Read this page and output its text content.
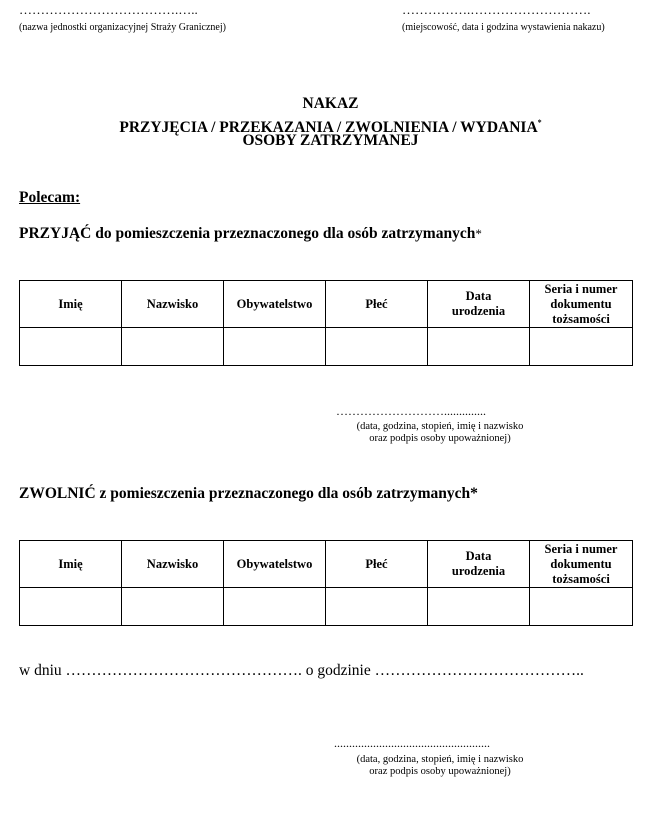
……………………………….…..
(nazwa jednostki organizacyjnej Straży Granicznej)
…………….……………………….
(miejscowość, data i godzina wystawienia nakazu)
NAKAZ
PRZYJĘCIA / PRZEKAZANIA / ZWOLNIENIA / WYDANIA*
OSOBY ZATRZYMANEJ
Polecam:
PRZYJĄĆ do pomieszczenia przeznaczonego dla osób zatrzymanych*
Imię	Nazwisko	Obywatelstwo	Płeć	Data urodzenia	Seria i numer dokumentu tożsamości

………………………..............
(data, godzina, stopień, imię i nazwisko
oraz podpis osoby upoważnionej)
ZWOLNIĆ z pomieszczenia przeznaczonego dla osób zatrzymanych*
Imię	Nazwisko	Obywatelstwo	Płeć	Data urodzenia	Seria i numer dokumentu tożsamości

w dniu ………………………………………. o godzinie …………………………………..
....................................................
(data, godzina, stopień, imię i nazwisko
oraz podpis osoby upoważnionej)
